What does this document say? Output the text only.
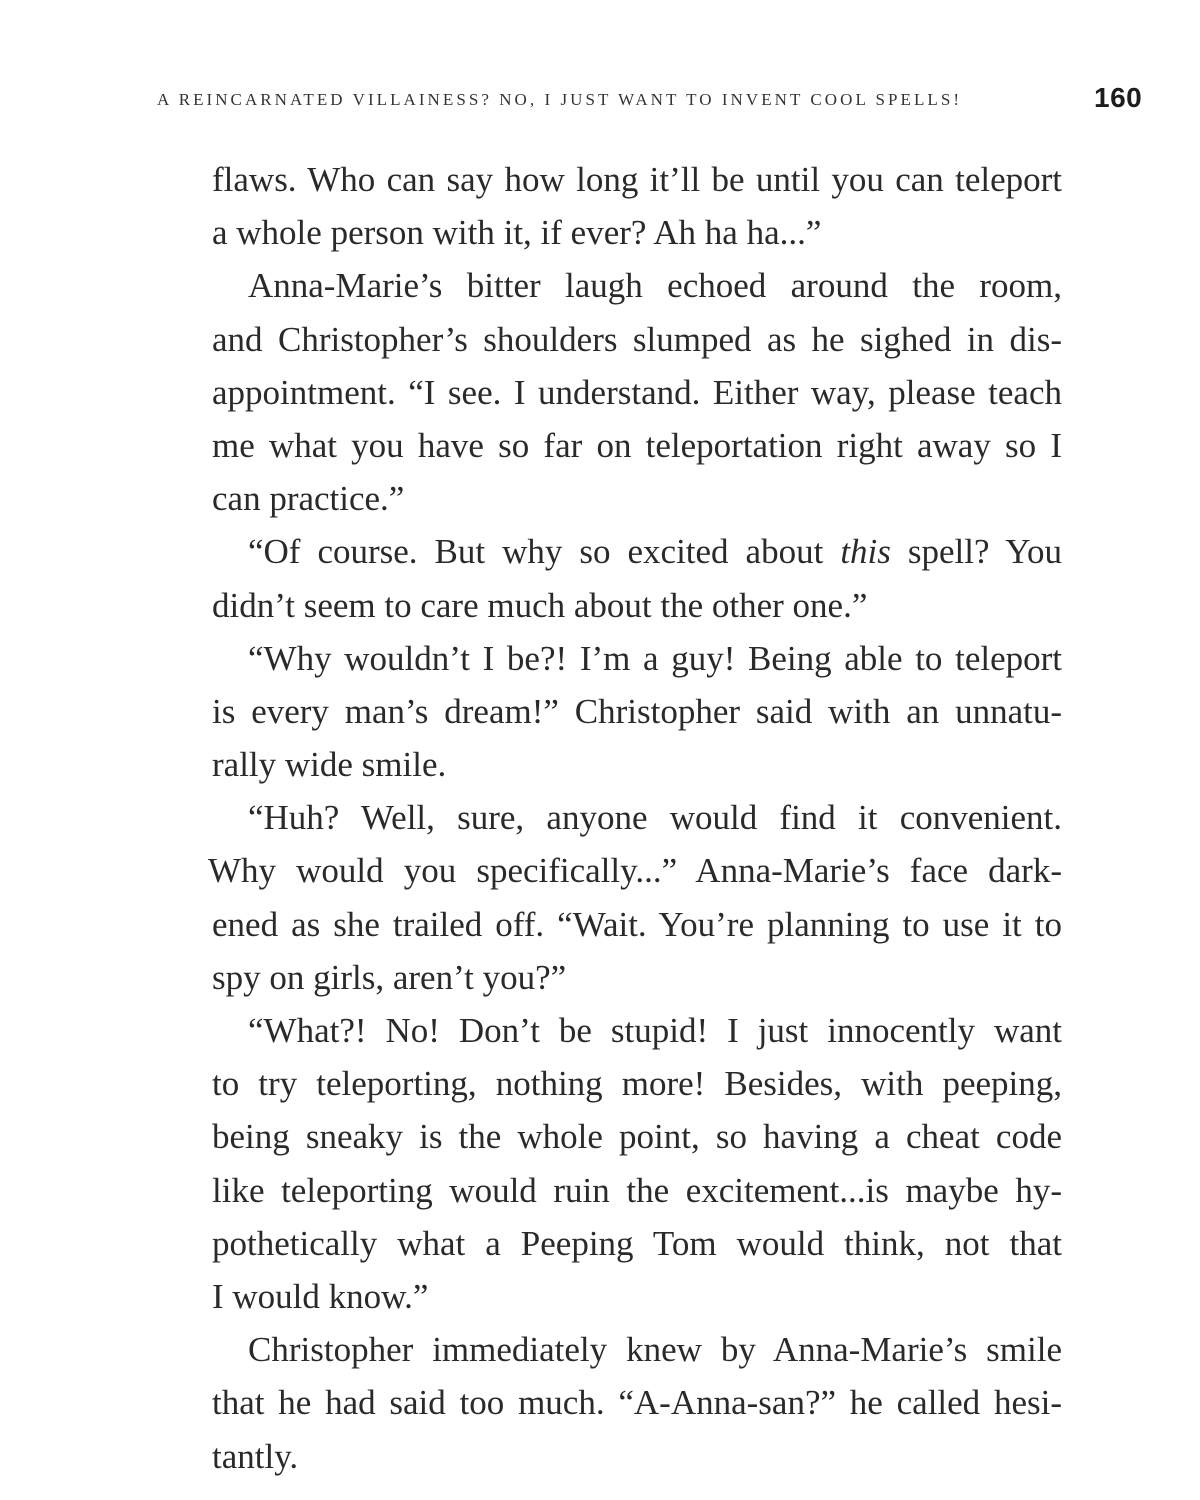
A REINCARNATED VILLAINESS? NO, I JUST WANT TO INVENT COOL SPELLS!	160
flaws. Who can say how long it’ll be until you can teleport
a whole person with it, if ever? Ah ha ha...”
Anna-Marie’s bitter laugh echoed around the room,
and Christopher’s shoulders slumped as he sighed in dis-
appointment. “I see. I understand. Either way, please teach
me what you have so far on teleportation right away so I
can practice.”
“Of course. But why so excited about this spell? You
didn’t seem to care much about the other one.”
“Why wouldn’t I be?! I’m a guy! Being able to teleport
is every man’s dream!” Christopher said with an unnatu-
rally wide smile.
“Huh? Well, sure, anyone would find it convenient.
Why would you specifically...” Anna-Marie’s face dark-
ened as she trailed off. “Wait. You’re planning to use it to
spy on girls, aren’t you?”
“What?! No! Don’t be stupid! I just innocently want
to try teleporting, nothing more! Besides, with peeping,
being sneaky is the whole point, so having a cheat code
like teleporting would ruin the excitement...is maybe hy-
pothetically what a Peeping Tom would think, not that
I would know.”
Christopher immediately knew by Anna-Marie’s smile
that he had said too much. “A-Anna-san?” he called hesi-
tantly.
